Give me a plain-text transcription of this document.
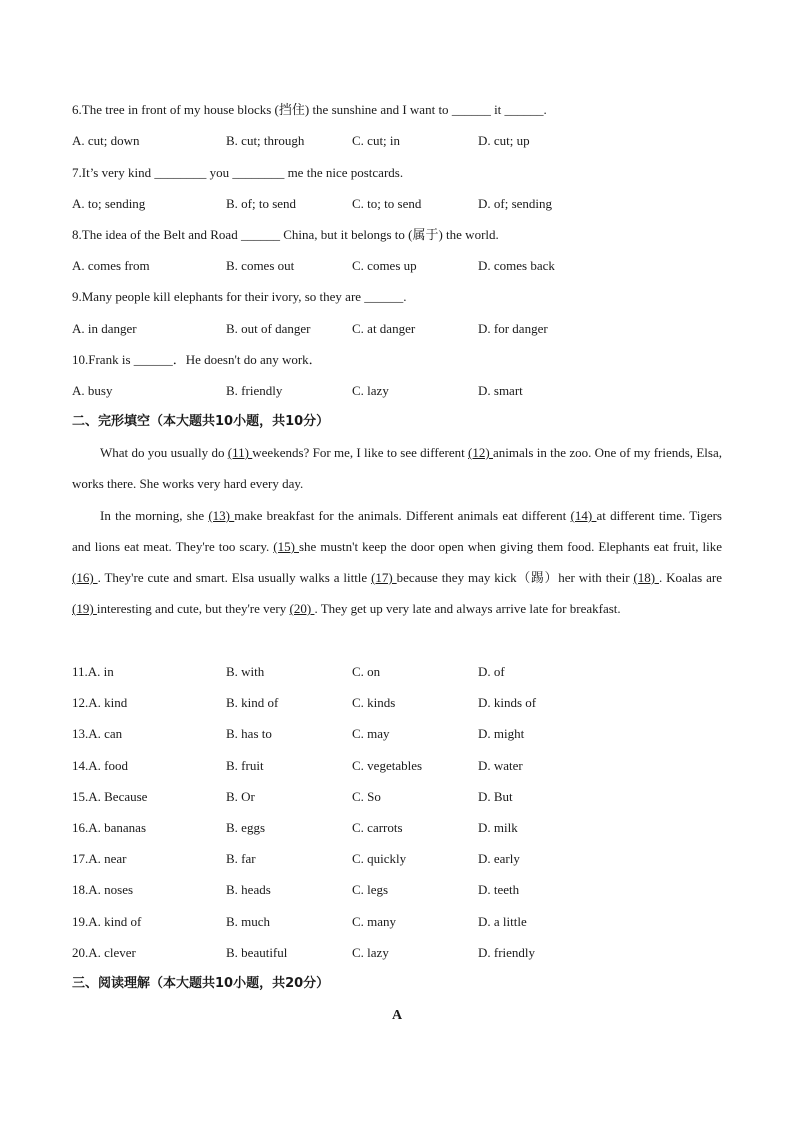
6.The tree in front of my house blocks (挡住) the sunshine and I want to ______ it ______.
A. cut; down	B. cut; through	C. cut; in	D. cut; up
7.It’s very kind ________ you ________ me the nice postcards.
A. to; sending	B. of; to send	C. to; to send	D. of; sending
8.The idea of the Belt and Road ______ China, but it belongs to (属于) the world.
A. comes from	B. comes out	C. comes up	D. comes back
9.Many people kill elephants for their ivory, so they are ______.
A. in danger	B. out of danger	C. at danger	D. for danger
10.Frank is ______．He doesn't do any work．
A. busy	B. friendly	C. lazy	D. smart
二、完形填空（本大题共10小题，共10分）
What do you usually do (11) weekends? For me, I like to see different (12) animals in the zoo. One of my friends, Elsa, works there. She works very hard every day.
In the morning, she (13) make breakfast for the animals. Different animals eat different (14) at different time. Tigers and lions eat meat. They're too scary. (15) she mustn't keep the door open when giving them food. Elephants eat fruit, like (16) . They're cute and smart. Elsa usually walks a little (17) because they may kick（踢）her with their (18) . Koalas are (19) interesting and cute, but they're very (20) . They get up very late and always arrive late for breakfast.
11.A. in	B. with	C. on	D. of
12.A. kind	B. kind of	C. kinds	D. kinds of
13.A. can	B. has to	C. may	D. might
14.A. food	B. fruit	C. vegetables	D. water
15.A. Because	B. Or	C. So	D. But
16.A. bananas	B. eggs	C. carrots	D. milk
17.A. near	B. far	C. quickly	D. early
18.A. noses	B. heads	C. legs	D. teeth
19.A. kind of	B. much	C. many	D. a little
20.A. clever	B. beautiful	C. lazy	D. friendly
三、阅读理解（本大题共10小题，共20分）
A
